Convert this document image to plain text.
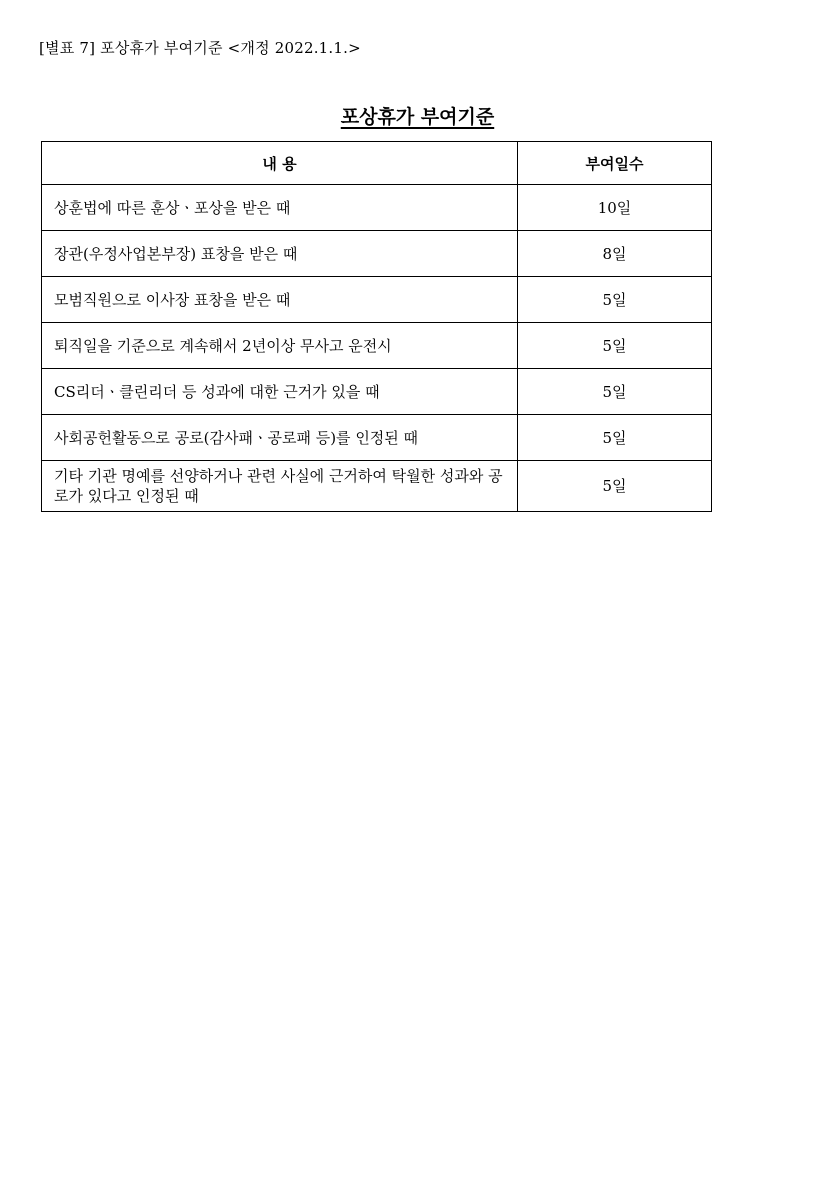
[별표 7] 포상휴가 부여기준 <개정 2022.1.1.>
포상휴가 부여기준
내 용	부여일수
상훈법에 따른 훈상ㆍ포상을 받은 때	10일
장관(우정사업본부장) 표창을 받은 때	8일
모범직원으로 이사장 표창을 받은 때	5일
퇴직일을 기준으로 계속해서 2년이상 무사고 운전시	5일
CS리더ㆍ클린리더 등 성과에 대한 근거가 있을 때	5일
사회공헌활동으로 공로(감사패ㆍ공로패 등)를 인정된 때	5일
기타 기관 명예를 선양하거나 관련 사실에 근거하여 탁월한 성과와 공로가 있다고 인정된 때	5일
